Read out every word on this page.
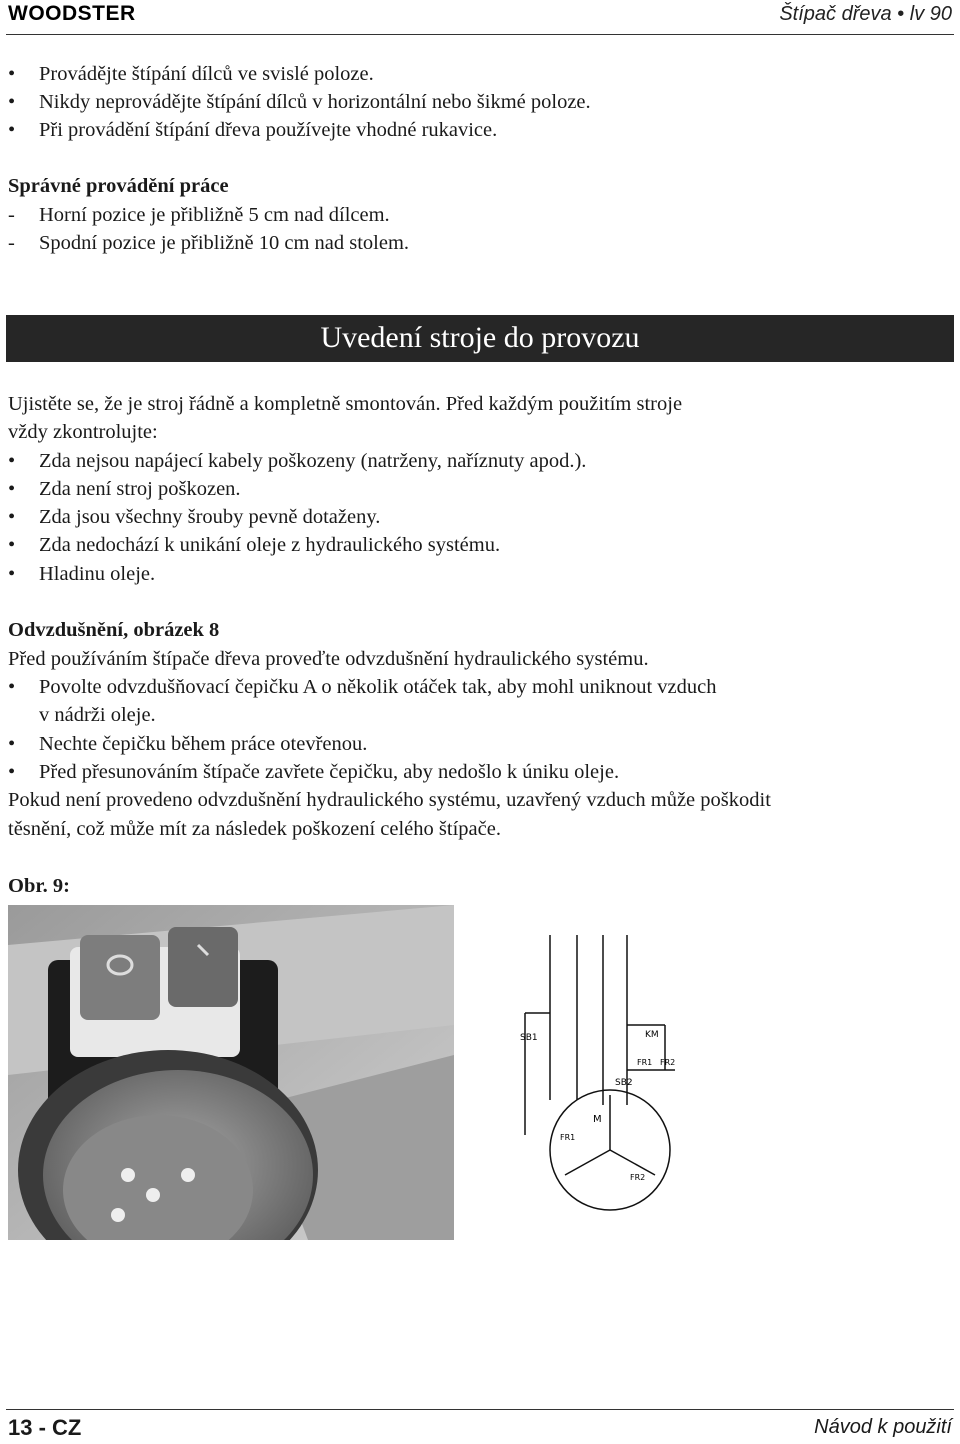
WOODSTER	Štípač dřeva • lv 90
• Provádějte štípání dílců ve svislé poloze.
• Nikdy neprovádějte štípání dílců v horizontální nebo šikmé poloze.
• Při provádění štípání dřeva používejte vhodné rukavice.
Správné provádění práce
- Horní pozice je přibližně 5 cm nad dílcem.
- Spodní pozice je přibližně 10 cm nad stolem.
Uvedení stroje do provozu
Ujistěte se, že je stroj řádně a kompletně smontován. Před každým použitím stroje
vždy zkontrolujte:
• Zda nejsou napájecí kabely poškozeny (natrženy, naříznuty apod.).
• Zda není stroj poškozen.
• Zda jsou všechny šrouby pevně dotaženy.
• Zda nedochází k unikání oleje z hydraulického systému.
• Hladinu oleje.
Odvzdušnění, obrázek 8
Před používáním štípače dřeva proveďte odvzdušnění hydraulického systému.
• Povolte odvzdušňovací čepičku A o několik otáček tak, aby mohl uniknout vzduch
v nádrži oleje.
• Nechte čepičku během práce otevřenou.
• Před přesunováním štípače zavřete čepičku, aby nedošlo k úniku oleje.
Pokud není provedeno odvzdušnění hydraulického systému, uzavřený vzduch může poškodit
těsnění, což může mít za následek poškození celého štípače.
Obr. 9:
SB1	KM
FR1 FR2
SB2
M
FR1
FR2
13 - CZ	Návod k použití
